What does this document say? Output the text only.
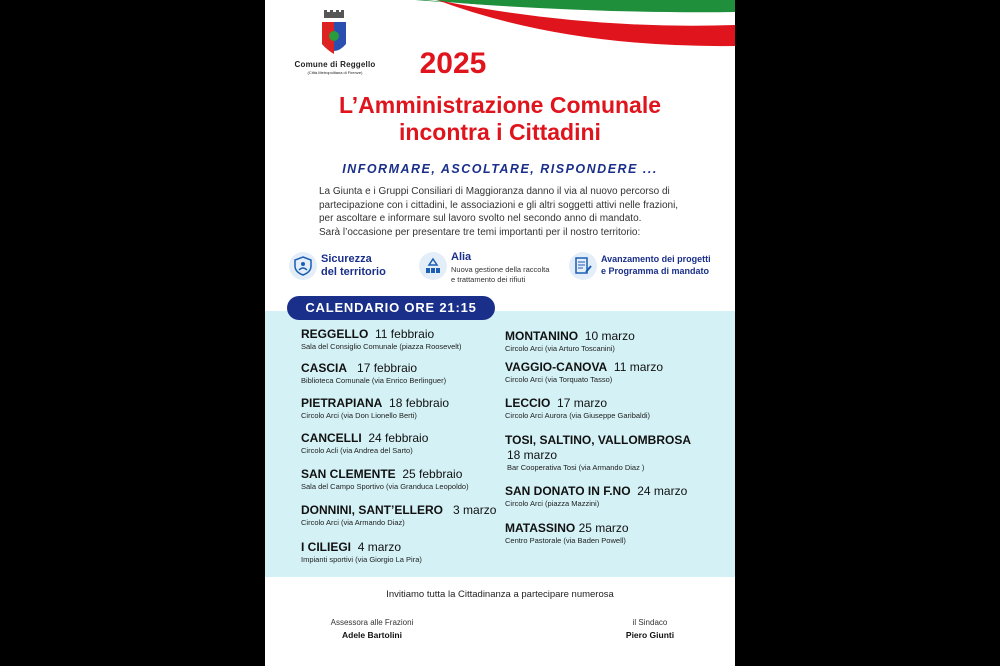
Comune di Reggello
(Città Metropolitana di Firenze)	2025
L’Amministrazione Comunale
incontra i Cittadini
INFORMARE, ASCOLTARE, RISPONDERE ...
La Giunta e i Gruppi Consiliari di Maggioranza danno il via al nuovo percorso di
partecipazione con i cittadini, le associazioni e gli altri soggetti attivi nelle frazioni,
per ascoltare e informare sul lavoro svolto nel secondo anno di mandato.
Sarà l’occasione per presentare tre temi importanti per il nostro territorio:
Sicurezza
del territorio
Alia
Nuova gestione della raccolta
e trattamento dei rifiuti
Avanzamento dei progetti
e Programma di mandato
CALENDARIO ORE 21:15
REGGELLO 11 febbraio
Sala del Consiglio Comunale (piazza Roosevelt)
CASCIA 17 febbraio
Biblioteca Comunale (via Enrico Berlinguer)
PIETRAPIANA 18 febbraio
Circolo Arci (via Don Lionello Berti)
CANCELLI 24 febbraio
Circolo Acli (via Andrea del Sarto)
SAN CLEMENTE 25 febbraio
Sala del Campo Sportivo (via Granduca Leopoldo)
DONNINI, SANT’ELLERO 3 marzo
Circolo Arci (via Armando Diaz)
I CILIEGI 4 marzo
Impianti sportivi (via Giorgio La Pira)
MONTANINO 10 marzo
Circolo Arci (via Arturo Toscanini)
VAGGIO-CANOVA 11 marzo
Circolo Arci (via Torquato Tasso)
LECCIO 17 marzo
Circolo Arci Aurora (via Giuseppe Garibaldi)
TOSI, SALTINO, VALLOMBROSA
18 marzo
Bar Cooperativa Tosi (via Armando Diaz )
SAN DONATO IN F.NO 24 marzo
Circolo Arci (piazza Mazzini)
MATASSINO 25 marzo
Centro Pastorale (via Baden Powell)
Invitiamo tutta la Cittadinanza a partecipare numerosa
Assessora alle Frazioni
Adele Bartolini
il Sindaco
Piero Giunti
